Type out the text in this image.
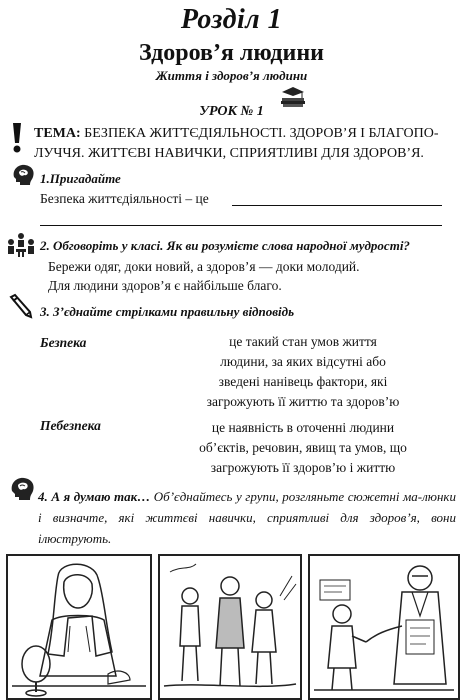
Розділ 1
Здоров’я людини
Життя і здоров’я людини
УРОК № 1
ТЕМА: БЕЗПЕКА ЖИТТЄДІЯЛЬНОСТІ. ЗДОРОВ’Я І БЛАГОПО-ЛУЧЧЯ. ЖИТТЄВІ НАВИЧКИ, СПРИЯТЛИВІ ДЛЯ ЗДОРОВ’Я.
1.Пригадайте
Безпека життєдіяльності – це
2. Обговоріть у класі. Як ви розумієте слова народної мудрості?
Бережи одяг, доки новий, а здоров’я — доки молодий.
Для людини здоров’я є найбільше благо.
3. З’єднайте стрілками правильну відповідь
Безпека	це такий стан умов життя
людини, за яких відсутні або
зведені нанівець фактори, які
загрожують її життю та здоров’ю
Пебезпека	це наявність в оточенні людини
об’єктів, речовин, явищ та умов, що
загрожують її здоров’ю і життю
4. А я думаю так… Об’єднайтесь у групи, розгляньте сюжетні ма-люнки і визначте, які життєві навички, сприятливі для здоров’я, вони ілюструють.
